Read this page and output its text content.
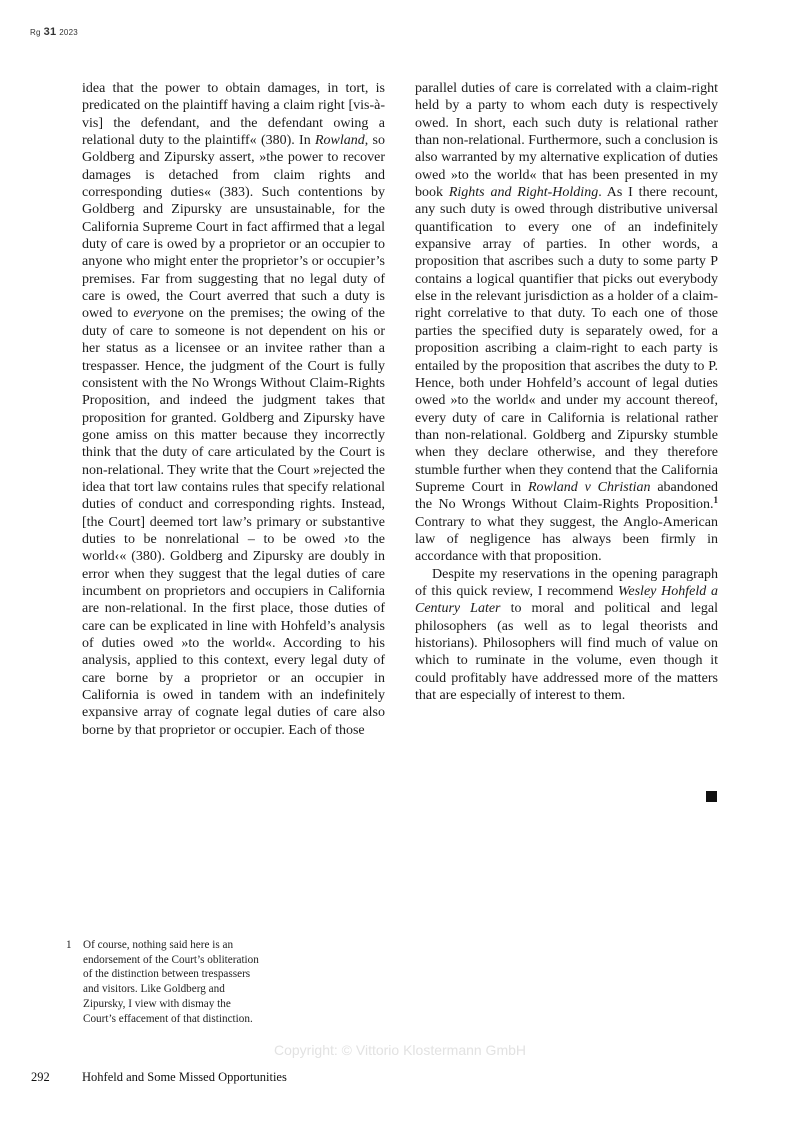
Rg 31 2023

idea that the power to obtain damages, in tort, is predicated on the plaintiff having a claim right [vis-à-vis] the defendant, and the defendant owing a relational duty to the plaintiff« (380). In Rowland, so Goldberg and Zipursky assert, »the power to recover damages is detached from claim rights and corresponding duties« (383). Such contentions by Goldberg and Zipursky are unsustainable, for the California Supreme Court in fact affirmed that a legal duty of care is owed by a proprietor or an occupier to anyone who might enter the proprietor’s or occupier’s premises. Far from suggesting that no legal duty of care is owed, the Court averred that such a duty is owed to everyone on the premises; the owing of the duty of care to someone is not dependent on his or her status as a licensee or an invitee rather than a trespasser. Hence, the judgment of the Court is fully consistent with the No Wrongs Without Claim-Rights Proposition, and indeed the judgment takes that proposition for granted. Goldberg and Zipursky have gone amiss on this matter because they incorrectly think that the duty of care articulated by the Court is non-relational. They write that the Court »rejected the idea that tort law contains rules that specify relational duties of conduct and corresponding rights. Instead, [the Court] deemed tort law’s primary or substantive duties to be nonrelational – to be owed ›to the world‹« (380). Goldberg and Zipursky are doubly in error when they suggest that the legal duties of care incumbent on proprietors and occupiers in California are non-relational. In the first place, those duties of care can be explicated in line with Hohfeld’s analysis of duties owed »to the world«. According to his analysis, applied to this context, every legal duty of care borne by a proprietor or an occupier in California is owed in tandem with an indefinitely expansive array of cognate legal duties of care also borne by that proprietor or occupier. Each of those

parallel duties of care is correlated with a claim-right held by a party to whom each duty is respectively owed. In short, each such duty is relational rather than non-relational. Furthermore, such a conclusion is also warranted by my alternative explication of duties owed »to the world« that has been presented in my book Rights and Right-Holding. As I there recount, any such duty is owed through distributive universal quantification to every one of an indefinitely expansive array of parties. In other words, a proposition that ascribes such a duty to some party P contains a logical quantifier that picks out everybody else in the relevant jurisdiction as a holder of a claim-right correlative to that duty. To each one of those parties the specified duty is separately owed, for a proposition ascribing a claim-right to each party is entailed by the proposition that ascribes the duty to P. Hence, both under Hohfeld’s account of legal duties owed »to the world« and under my account thereof, every duty of care in California is relational rather than non-relational. Goldberg and Zipursky stumble when they declare otherwise, and they therefore stumble further when they contend that the California Supreme Court in Rowland v Christian abandoned the No Wrongs Without Claim-Rights Proposition.$^1$ Contrary to what they suggest, the Anglo-American law of negligence has always been firmly in accordance with that proposition.

Despite my reservations in the opening paragraph of this quick review, I recommend Wesley Hohfeld a Century Later to moral and political and legal philosophers (as well as to legal theorists and historians). Philosophers will find much of value on which to ruminate in the volume, even though it could profitably have addressed more of the matters that are especially of interest to them.

1	Of course, nothing said here is an endorsement of the Court’s obliteration of the distinction between trespassers and visitors. Like Goldberg and Zipursky, I view with dismay the Court’s effacement of that distinction.
Copyright: © Vittorio Klostermann GmbH
292	Hohfeld and Some Missed Opportunities
